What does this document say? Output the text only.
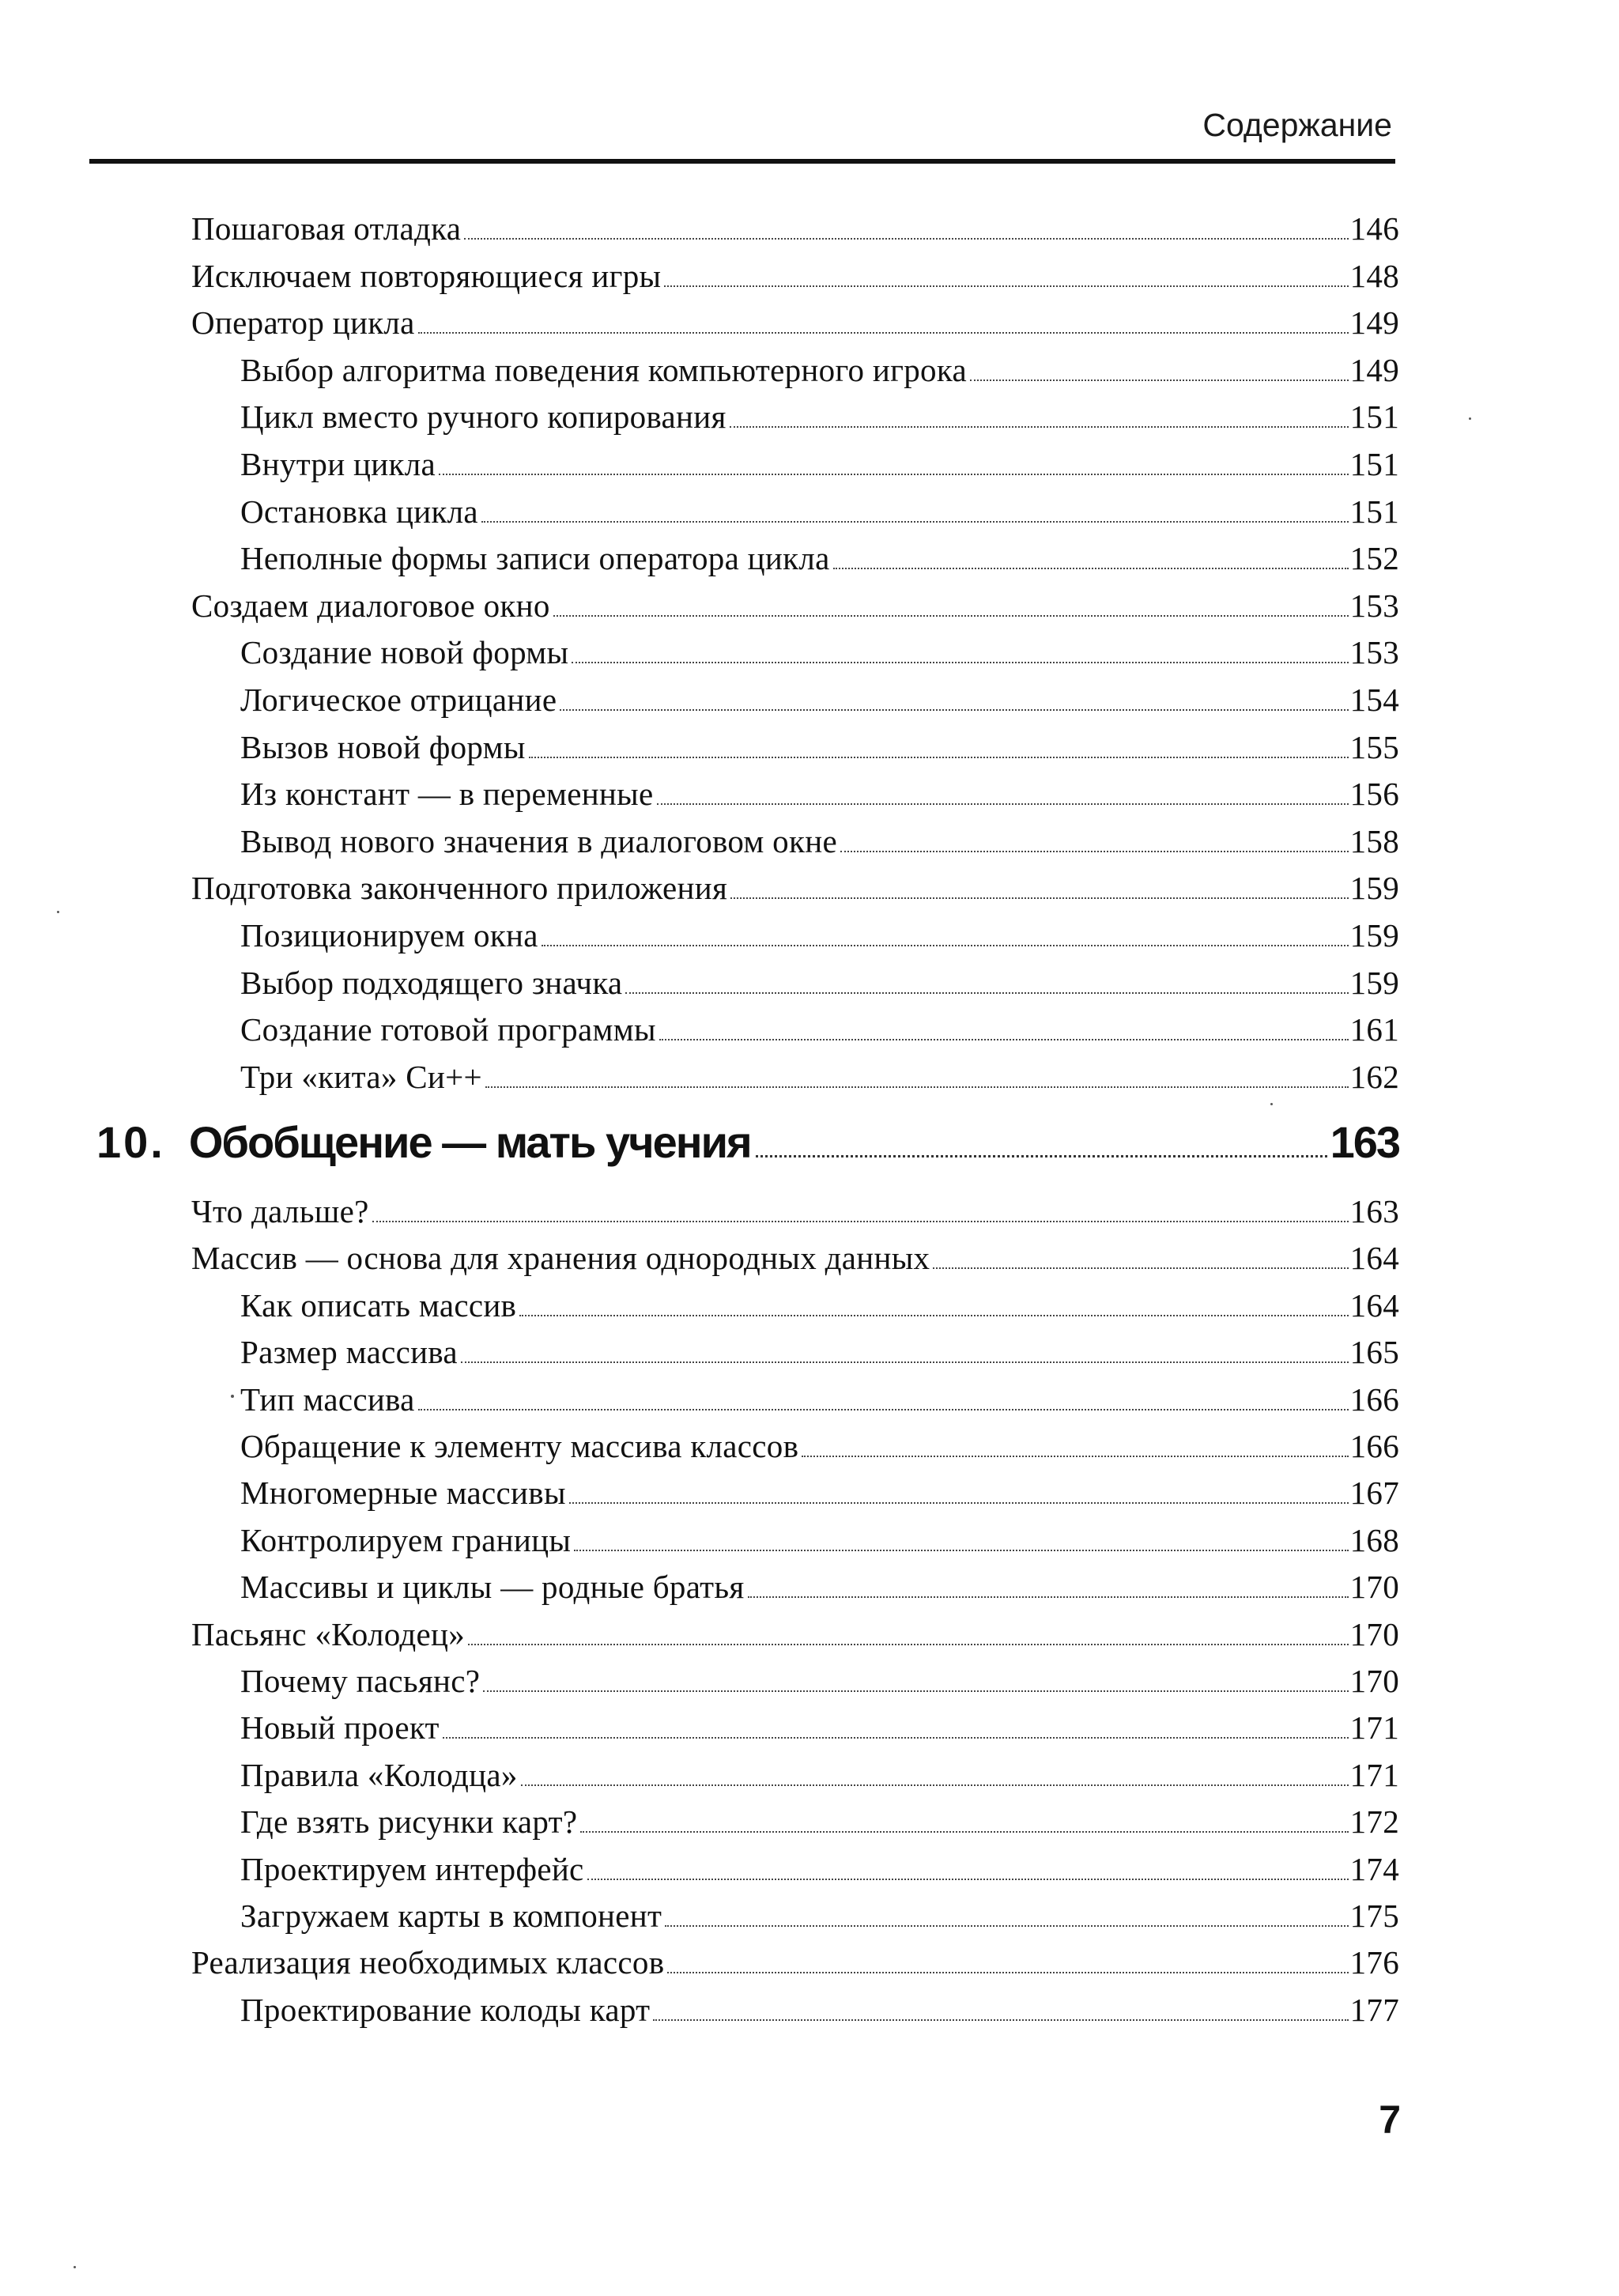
Содержание
Пошаговая отладка	146
Исключаем повторяющиеся игры	148
Оператор цикла	149
Выбор алгоритма поведения компьютерного игрока	149
Цикл вместо ручного копирования	151
Внутри цикла	151
Остановка цикла	151
Неполные формы записи оператора цикла	152
Создаем диалоговое окно	153
Создание новой формы	153
Логическое отрицание	154
Вызов новой формы	155
Из констант — в переменные	156
Вывод нового значения в диалоговом окне	158
Подготовка законченного приложения	159
Позиционируем окна	159
Выбор подходящего значка	159
Создание готовой программы	161
Три «кита» Си++	162
10. Обобщение — мать учения	163
Что дальше?	163
Массив — основа для хранения однородных данных	164
Как описать массив	164
Размер массива	165
Тип массива	166
Обращение к элементу массива классов	166
Многомерные массивы	167
Контролируем границы	168
Массивы и циклы — родные братья	170
Пасьянс «Колодец»	170
Почему пасьянс?	170
Новый проект	171
Правила «Колодца»	171
Где взять рисунки карт?	172
Проектируем интерфейс	174
Загружаем карты в компонент	175
Реализация необходимых классов	176
Проектирование колоды карт	177
7
